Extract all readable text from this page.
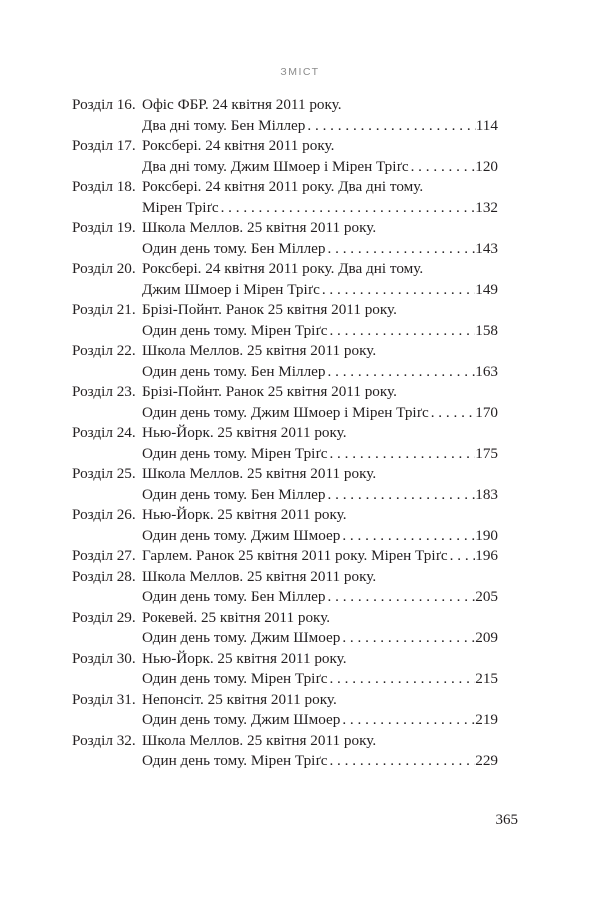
ЗМІСТ
Розділ 16. Офіс ФБР. 24 квітня 2011 року.
Два дні тому. Бен Міллер . . .	114
Розділ 17. Роксбері. 24 квітня 2011 року.
Два дні тому. Джим Шмоер і Мірен Тріґс . . .	120
Розділ 18. Роксбері. 24 квітня 2011 року. Два дні тому.
Мірен Тріґс . . .	132
Розділ 19. Школа Меллов. 25 квітня 2011 року.
Один день тому. Бен Міллер . . .	143
Розділ 20. Роксбері. 24 квітня 2011 року. Два дні тому.
Джим Шмоер і Мірен Тріґс . . .	149
Розділ 21. Брізі-Пойнт. Ранок 25 квітня 2011 року.
Один день тому. Мірен Тріґс . . .	158
Розділ 22. Школа Меллов. 25 квітня 2011 року.
Один день тому. Бен Міллер . . .	163
Розділ 23. Брізі-Пойнт. Ранок 25 квітня 2011 року.
Один день тому. Джим Шмоер і Мірен Тріґс . . .	170
Розділ 24. Нью-Йорк. 25 квітня 2011 року.
Один день тому. Мірен Тріґс . . .	175
Розділ 25. Школа Меллов. 25 квітня 2011 року.
Один день тому. Бен Міллер . . .	183
Розділ 26. Нью-Йорк. 25 квітня 2011 року.
Один день тому. Джим Шмоер . . .	190
Розділ 27. Гарлем. Ранок 25 квітня 2011 року. Мірен Тріґс . . . 196
Розділ 28. Школа Меллов. 25 квітня 2011 року.
Один день тому. Бен Міллер . . .	205
Розділ 29. Рокевей. 25 квітня 2011 року.
Один день тому. Джим Шмоер . . .	209
Розділ 30. Нью-Йорк. 25 квітня 2011 року.
Один день тому. Мірен Тріґс . . .	215
Розділ 31. Непонсіт. 25 квітня 2011 року.
Один день тому. Джим Шмоер . . .	219
Розділ 32. Школа Меллов. 25 квітня 2011 року.
Один день тому. Мірен Тріґс . . .	229
365
